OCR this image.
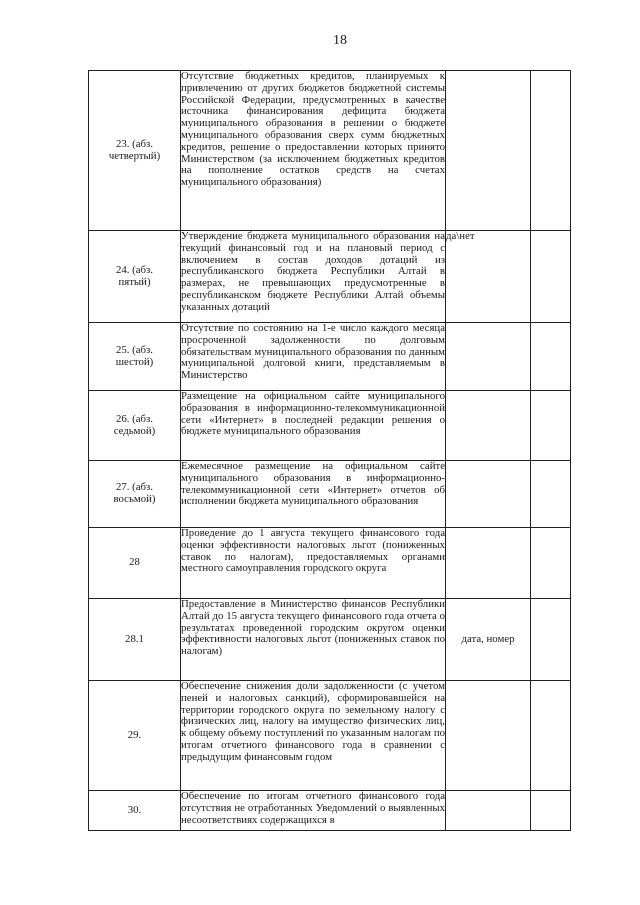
18
23. (абз.
четвертый)	Отсутствие бюджетных кредитов, планируемых к привлечению от других бюджетов бюджетной системы Российской Федерации, предусмотренных в качестве источника финансирования дефицита бюджета муниципального образования в решении о бюджете муниципального образования сверх сумм бюджетных кредитов, решение о предоставлении которых принято Министерством (за исключением бюджетных кредитов на пополнение остатков средств на счетах муниципального образования)		
24. (абз.
пятый)	Утверждение бюджета муниципального образования на текущий финансовый год и на плановый период с включением в состав доходов дотаций из республиканского бюджета Республики Алтай в размерах, не превышающих предусмотренные в республиканском бюджете Республики Алтай объемы указанных дотаций	да\нет	
25. (абз.
шестой)	Отсутствие по состоянию на 1-е число каждого месяца просроченной задолженности по долговым обязательствам муниципального образования по данным муниципальной долговой книги, представляемым в Министерство		
26. (абз.
седьмой)	Размещение на официальном сайте муниципального образования в информационно-телекоммуникационной сети «Интернет» в последней редакции решения о бюджете муниципального образования		
27. (абз.
восьмой)	Ежемесячное размещение на официальном сайте муниципального образования в информационно-телекоммуникационной сети «Интернет» отчетов об исполнении бюджета муниципального образования		
28	Проведение до 1 августа текущего финансового года оценки эффективности налоговых льгот (пониженных ставок по налогам), предоставляемых органами местного самоуправления городского округа		
28.1	Предоставление в Министерство финансов Республики Алтай до 15 августа текущего финансового года отчета о результатах проведенной городским округом оценки эффективности налоговых льгот (пониженных ставок по налогам)	дата, номер	
29.	Обеспечение снижения доли задолженности (с учетом пеней и налоговых санкций), сформировавшейся на территории городского округа по земельному налогу с физических лиц, налогу на имущество физических лиц, к общему объему поступлений по указанным налогам по итогам отчетного финансового года в сравнении с предыдущим финансовым годом		
30.	Обеспечение по итогам отчетного финансового года отсутствия не отработанных Уведомлений о выявленных несоответствиях содержащихся в		
